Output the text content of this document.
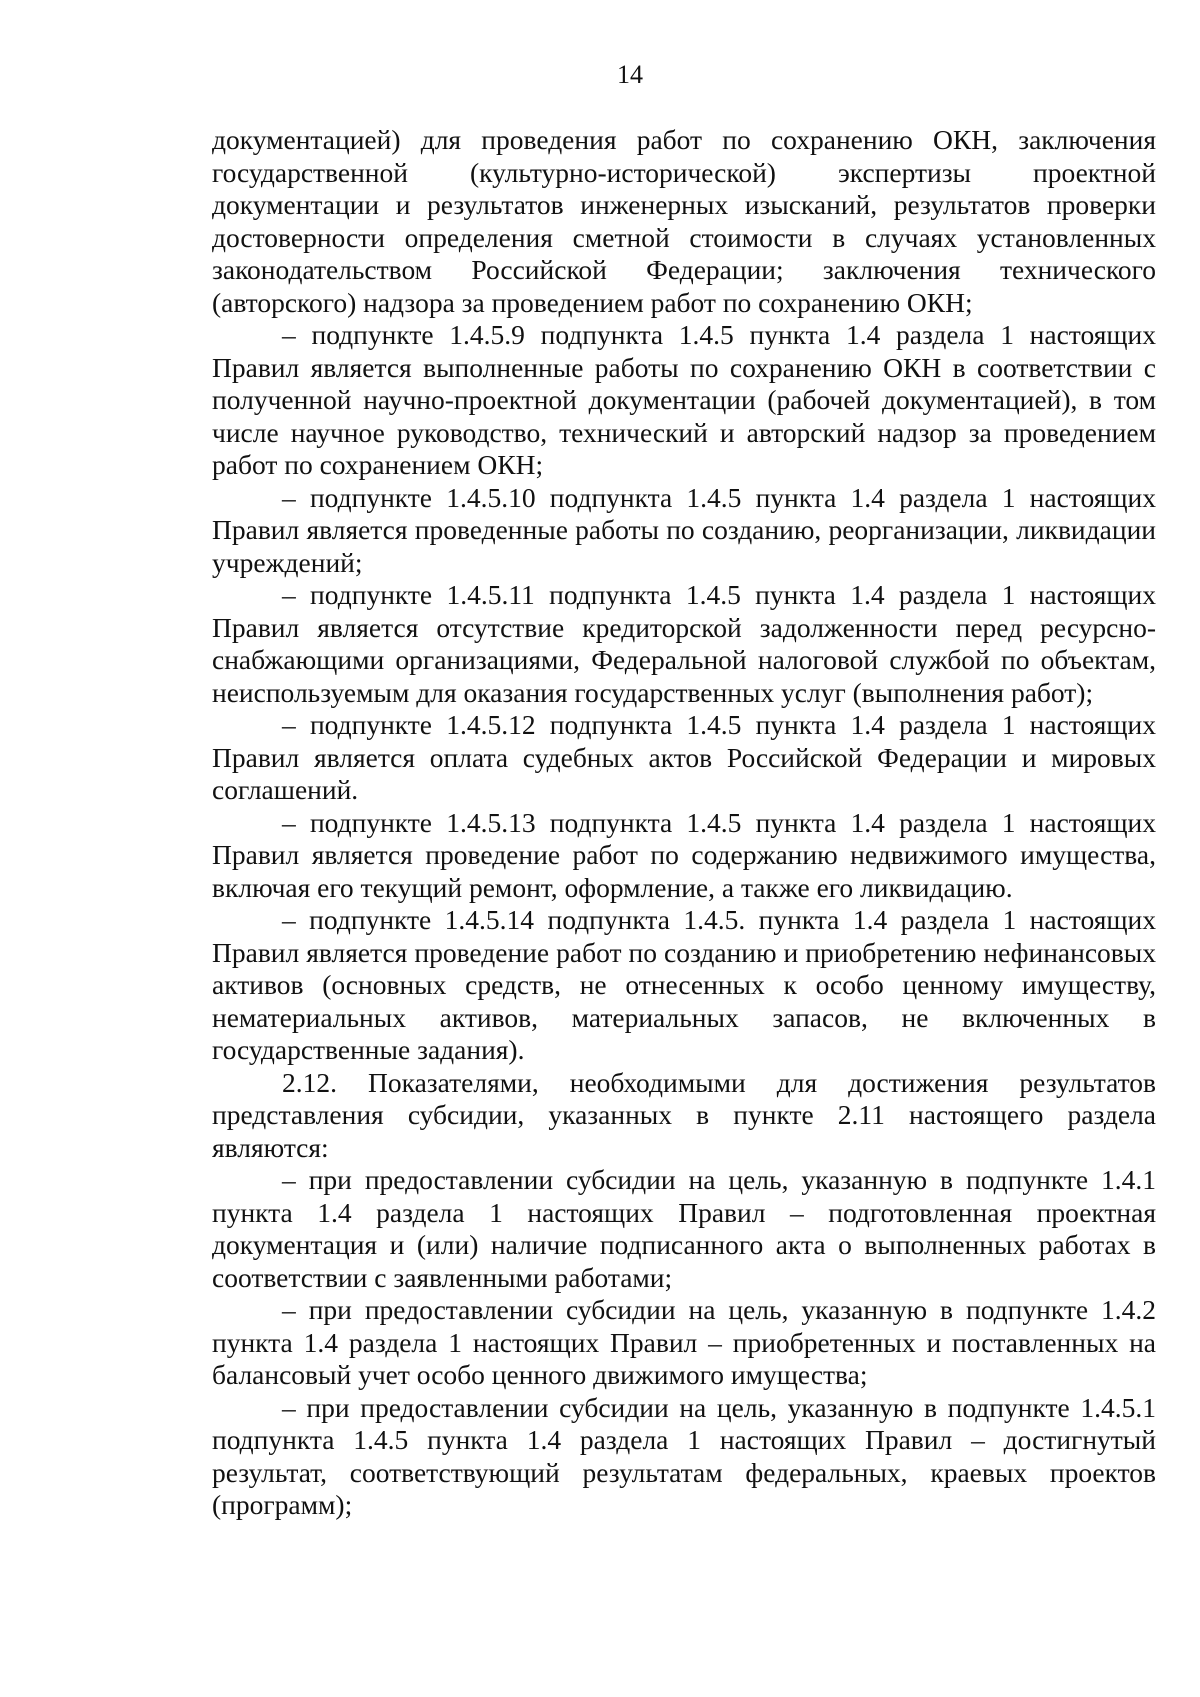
14

документацией) для проведения работ по сохранению ОКН, заключения государственной (культурно-исторической) экспертизы проектной документации и результатов инженерных изысканий, результатов проверки достоверности определения сметной стоимости в случаях установленных законодательством Российской Федерации; заключения технического (авторского) надзора за проведением работ по сохранению ОКН;

– подпункте 1.4.5.9 подпункта 1.4.5 пункта 1.4 раздела 1 настоящих Правил является выполненные работы по сохранению ОКН в соответствии с полученной научно-проектной документации (рабочей документацией), в том числе научное руководство, технический и авторский надзор за проведением работ по сохранением ОКН;

– подпункте 1.4.5.10 подпункта 1.4.5 пункта 1.4 раздела 1 настоящих Правил является проведенные работы по созданию, реорганизации, ликвидации учреждений;

– подпункте 1.4.5.11 подпункта 1.4.5 пункта 1.4 раздела 1 настоящих Правил является отсутствие кредиторской задолженности перед ресурсно-снабжающими организациями, Федеральной налоговой службой по объектам, неиспользуемым для оказания государственных услуг (выполнения работ);

– подпункте 1.4.5.12 подпункта 1.4.5 пункта 1.4 раздела 1 настоящих Правил является оплата судебных актов Российской Федерации и мировых соглашений.

– подпункте 1.4.5.13 подпункта 1.4.5 пункта 1.4 раздела 1 настоящих Правил является проведение работ по содержанию недвижимого имущества, включая его текущий ремонт, оформление, а также его ликвидацию.

– подпункте 1.4.5.14 подпункта 1.4.5. пункта 1.4 раздела 1 настоящих Правил является проведение работ по созданию и приобретению нефинансовых активов (основных средств, не отнесенных к особо ценному имуществу, нематериальных активов, материальных запасов, не включенных в государственные задания).

2.12. Показателями, необходимыми для достижения результатов представления субсидии, указанных в пункте 2.11 настоящего раздела являются:

– при предоставлении субсидии на цель, указанную в подпункте 1.4.1 пункта 1.4 раздела 1 настоящих Правил – подготовленная проектная документация и (или) наличие подписанного акта о выполненных работах в соответствии с заявленными работами;

– при предоставлении субсидии на цель, указанную в подпункте 1.4.2 пункта 1.4 раздела 1 настоящих Правил – приобретенных и поставленных на балансовый учет особо ценного движимого имущества;

– при предоставлении субсидии на цель, указанную в подпункте 1.4.5.1 подпункта 1.4.5 пункта 1.4 раздела 1 настоящих Правил – достигнутый результат, соответствующий результатам федеральных, краевых проектов (программ);
